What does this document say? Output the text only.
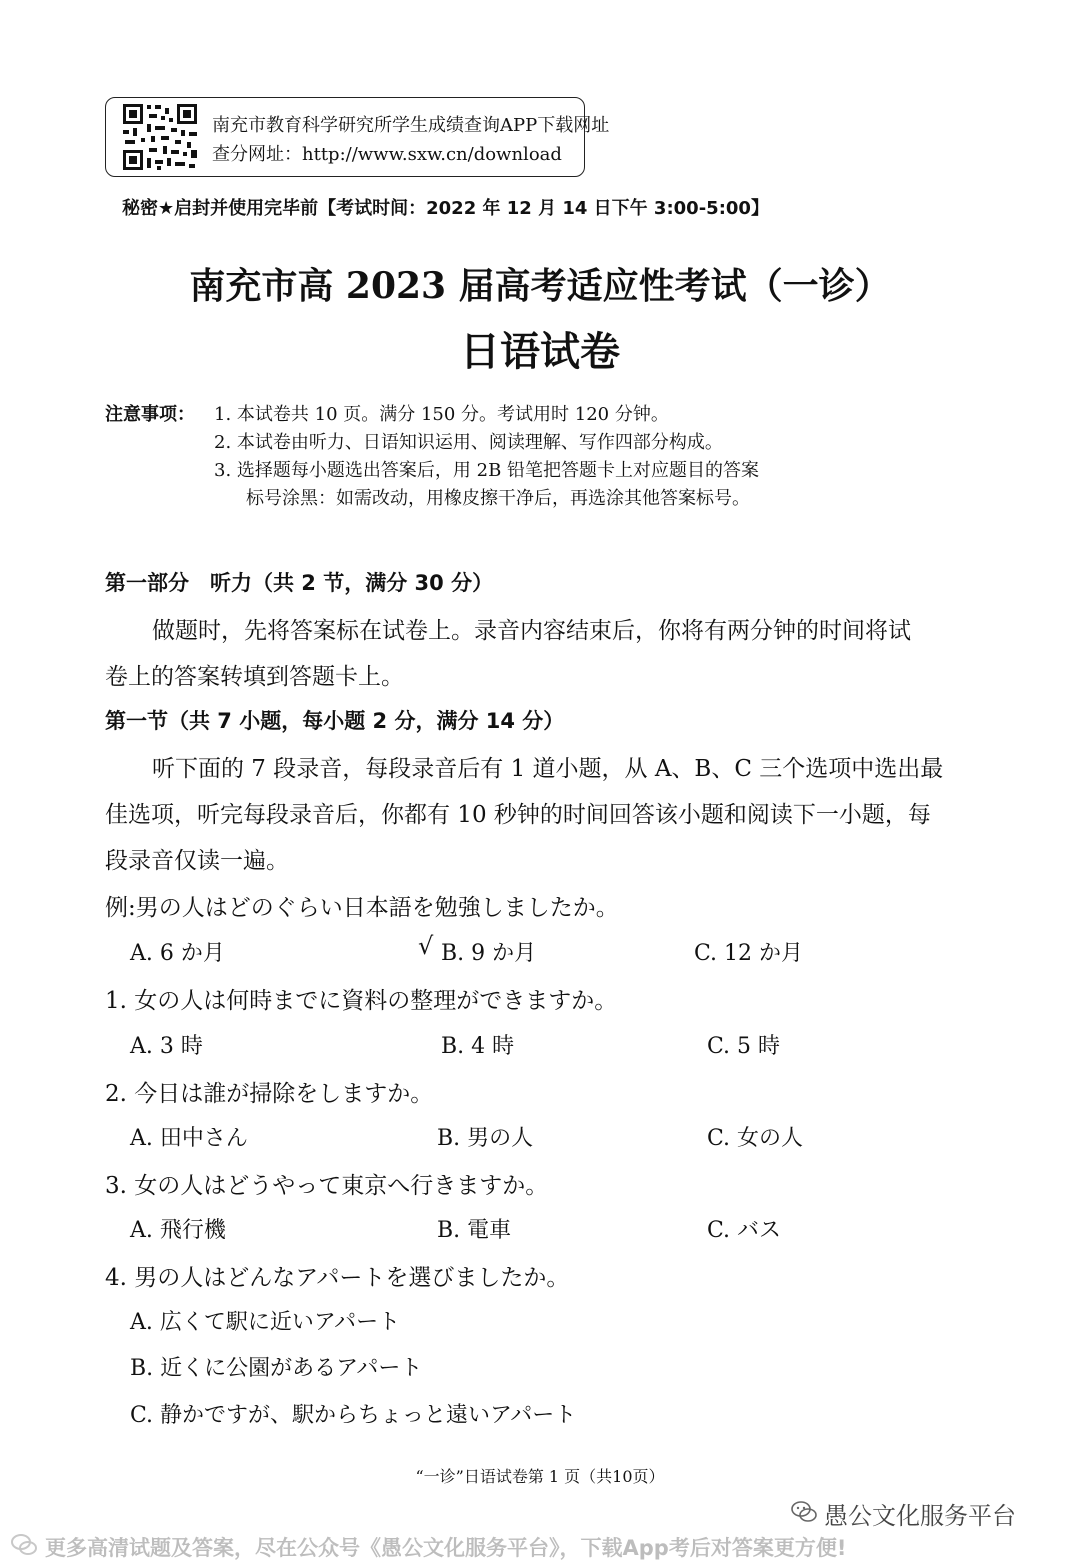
南充市教育科学研究所学生成绩查询APP下载网址
查分网址：http://www.sxw.cn/download
秘密★启封并使用完毕前【考试时间：2022 年 12 月 14 日下午 3:00-5:00】
南充市高 2023 届高考适应性考试（一诊）
日语试卷
注意事项： 1. 本试卷共 10 页。满分 150 分。考试用时 120 分钟。
2. 本试卷由听力、日语知识运用、阅读理解、写作四部分构成。
3. 选择题每小题选出答案后，用 2B 铅笔把答题卡上对应题目的答案
标号涂黑：如需改动，用橡皮擦干净后，再选涂其他答案标号。
第一部分　听力（共 2 节，满分 30 分）
做题时，先将答案标在试卷上。录音内容结束后，你将有两分钟的时间将试
卷上的答案转填到答题卡上。
第一节（共 7 小题，每小题 2 分，满分 14 分）
听下面的 7 段录音，每段录音后有 1 道小题，从 A、B、C 三个选项中选出最
佳选项，听完每段录音后，你都有 10 秒钟的时间回答该小题和阅读下一小题，每
段录音仅读一遍。
例:男の人はどのぐらい日本語を勉強しましたか。
A. 6 か月	√ B. 9 か月	C. 12 か月
1. 女の人は何時までに資料の整理ができますか。
A. 3 時	B. 4 時	C. 5 時
2. 今日は誰が掃除をしますか。
A. 田中さん	B. 男の人	C. 女の人
3. 女の人はどうやって東京へ行きますか。
A. 飛行機	B. 電車	C. バス
4. 男の人はどんなアパートを選びましたか。
A. 広くて駅に近いアパート
B. 近くに公園があるアパート
C. 静かですが、駅からちょっと遠いアパート
“一诊”日语试卷第 1 页（共10页）
愚公文化服务平台
更多高清试题及答案，尽在公众号《愚公文化服务平台》，下载App考后对答案更方便!
